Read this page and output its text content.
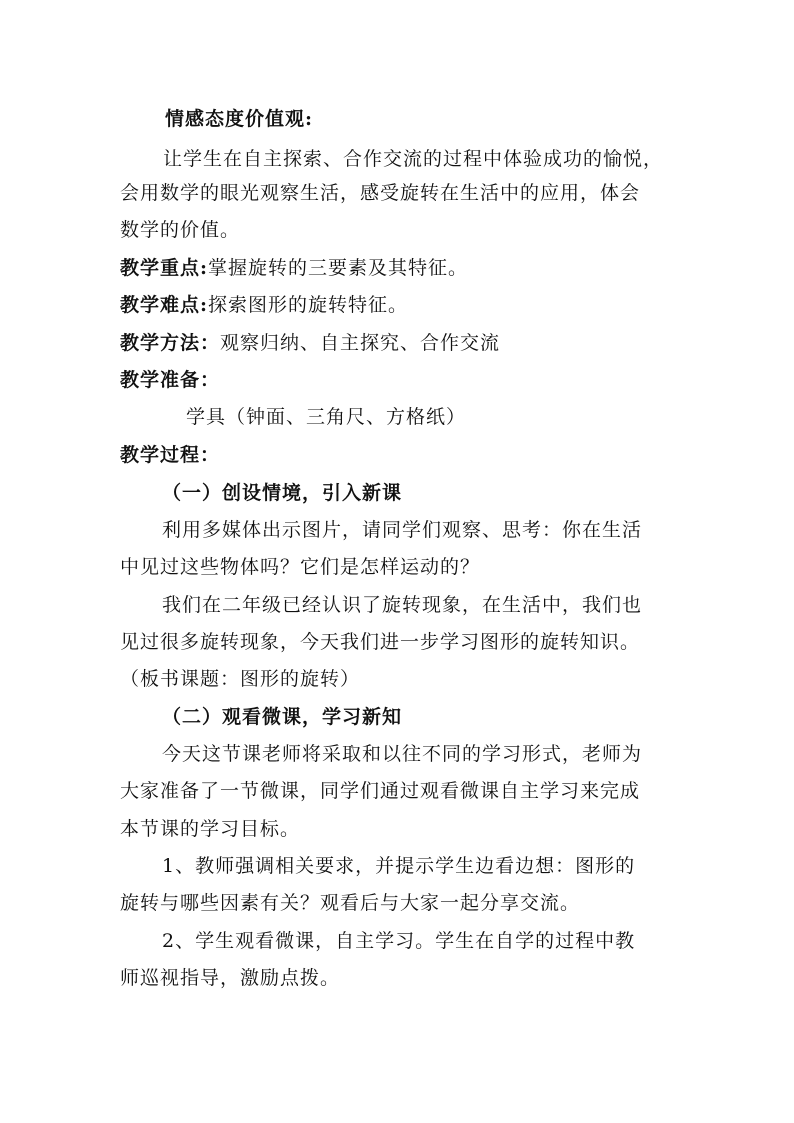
情感态度价值观:
让学生在自主探索、合作交流的过程中体验成功的愉悦，
会用数学的眼光观察生活，感受旋转在生活中的应用，体会
数学的价值。
教学重点:掌握旋转的三要素及其特征。
教学难点:探索图形的旋转特征。
教学方法：观察归纳、自主探究、合作交流
教学准备：
学具（钟面、三角尺、方格纸）
教学过程：
（一）创设情境，引入新课
利用多媒体出示图片，请同学们观察、思考：你在生活
中见过这些物体吗？它们是怎样运动的？
我们在二年级已经认识了旋转现象，在生活中，我们也
见过很多旋转现象，今天我们进一步学习图形的旋转知识。
（板书课题：图形的旋转）
（二）观看微课，学习新知
今天这节课老师将采取和以往不同的学习形式，老师为
大家准备了一节微课，同学们通过观看微课自主学习来完成
本节课的学习目标。
1、教师强调相关要求，并提示学生边看边想：图形的
旋转与哪些因素有关？观看后与大家一起分享交流。
2、学生观看微课，自主学习。学生在自学的过程中教
师巡视指导，激励点拨。
